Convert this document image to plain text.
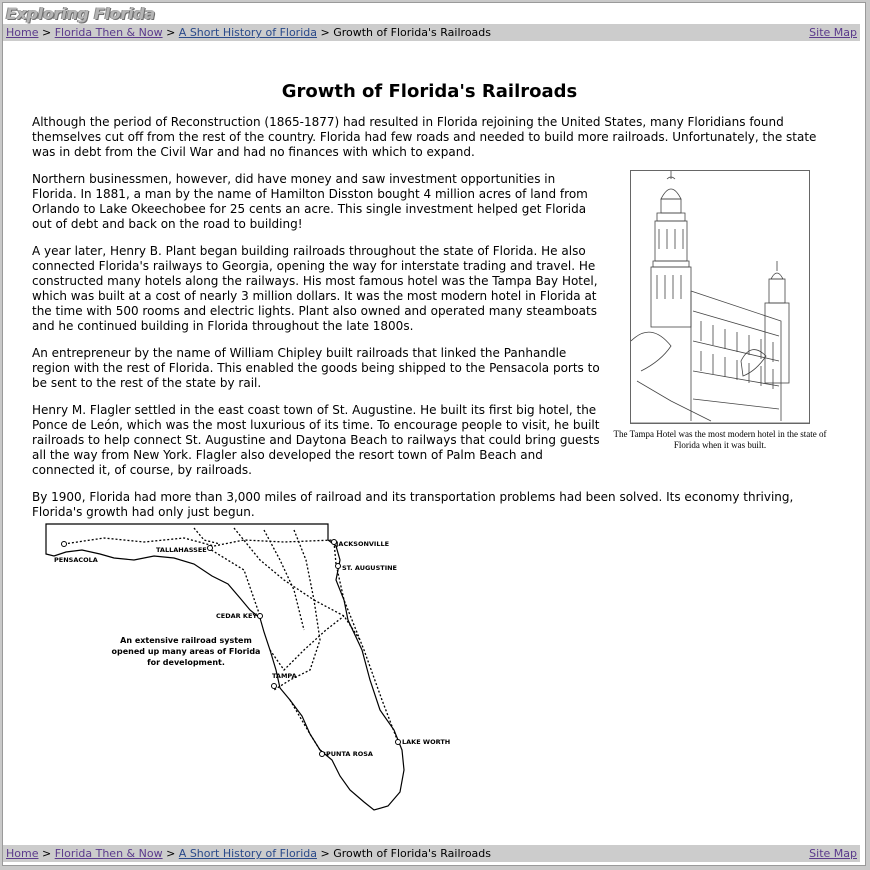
Exploring Florida
Home > Florida Then & Now > A Short History of Florida > Growth of Florida's Railroads	Site Map
Growth of Florida's Railroads

Although the period of Reconstruction (1865-1877) had resulted in Florida rejoining the United States, many Floridians found themselves cut off from the rest of the country. Florida had few roads and needed to build more railroads. Unfortunately, the state was in debt from the Civil War and had no finances with which to expand.

The Tampa Hotel was the most modern hotel in the state of Florida when it was built.

Northern businessmen, however, did have money and saw investment opportunities in Florida. In 1881, a man by the name of Hamilton Disston bought 4 million acres of land from Orlando to Lake Okeechobee for 25 cents an acre. This single investment helped get Florida out of debt and back on the road to building!

A year later, Henry B. Plant began building railroads throughout the state of Florida. He also connected Florida's railways to Georgia, opening the way for interstate trading and travel. He constructed many hotels along the railways. His most famous hotel was the Tampa Bay Hotel, which was built at a cost of nearly 3 million dollars. It was the most modern hotel in Florida at the time with 500 rooms and electric lights. Plant also owned and operated many steamboats and he continued building in Florida throughout the late 1800s.

An entrepreneur by the name of William Chipley built railroads that linked the Panhandle region with the rest of Florida. This enabled the goods being shipped to the Pensacola ports to be sent to the rest of the state by rail.

Henry M. Flagler settled in the east coast town of St. Augustine. He built its first big hotel, the Ponce de León, which was the most luxurious of its time. To encourage people to visit, he built railroads to help connect St. Augustine and Daytona Beach to railways that could bring guests all the way from New York. Flagler also developed the resort town of Palm Beach and connected it, of course, by railroads.

By 1900, Florida had more than 3,000 miles of railroad and its transportation problems had been solved. Its economy thriving, Florida's growth had only just begun.

PENSACOLA
TALLAHASSEE
JACKSONVILLE
ST. AUGUSTINE
CEDAR KEY
TAMPA
LAKE WORTH
PUNTA ROSA
An extensive railroad system
opened up many areas of Florida
for development.
Home > Florida Then & Now > A Short History of Florida > Growth of Florida's Railroads	Site Map
